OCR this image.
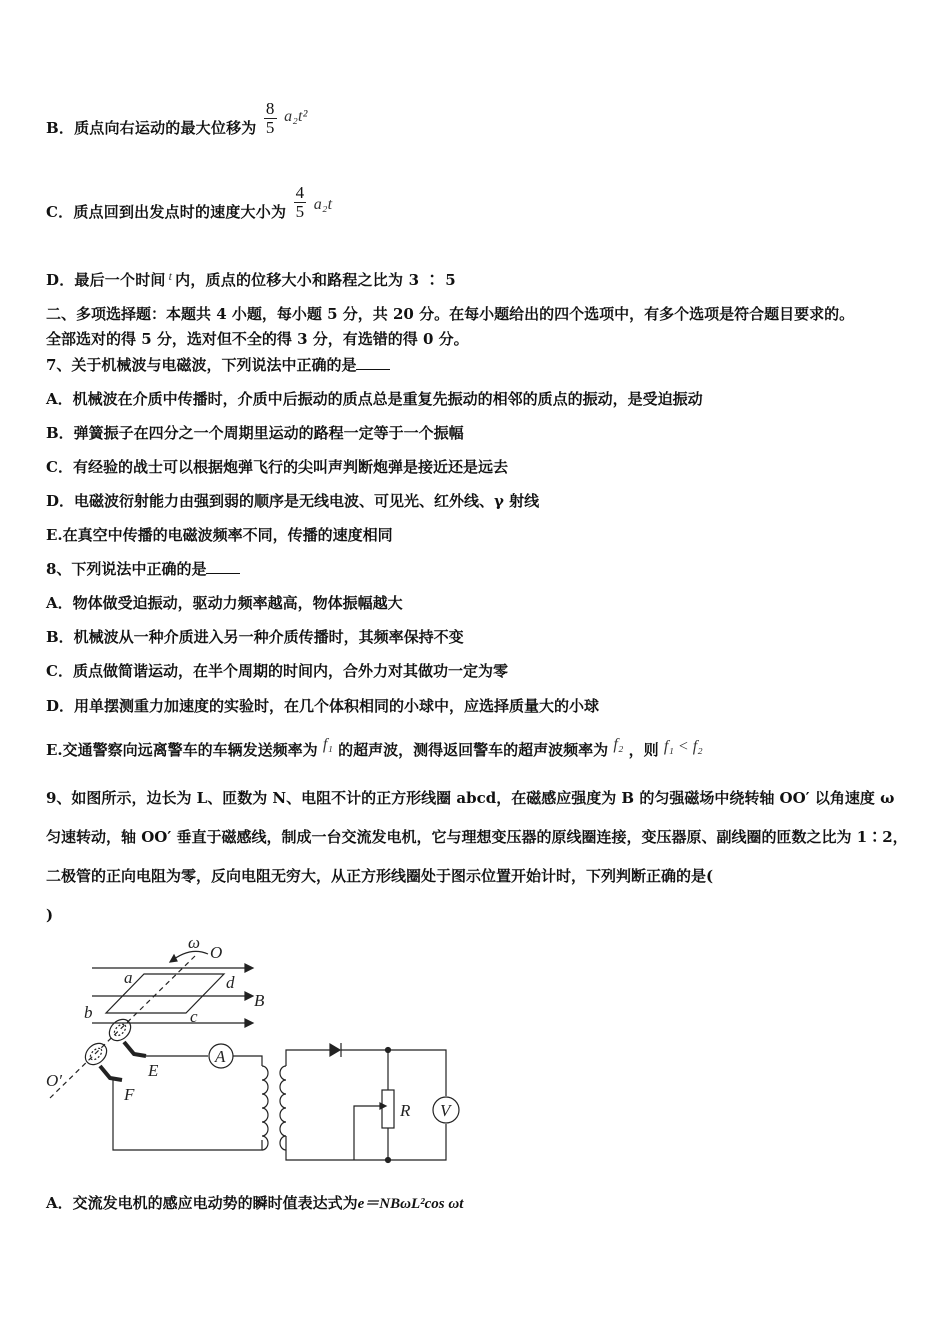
B．质点向右运动的最大位移为 $\frac{8}{5} a_2t^2$
C．质点回到出发点时的速度大小为 $\frac{4}{5} a_2t$
D．最后一个时间 $^t$ 内，质点的位移大小和路程之比为 3 ∶ 5
二、多项选择题：本题共 4 小题，每小题 5 分，共 20 分。在每小题给出的四个选项中，有多个选项是符合题目要求的。
全部选对的得 5 分，选对但不全的得 3 分，有选错的得 0 分。
7、关于机械波与电磁波，下列说法中正确的是
A．机械波在介质中传播时，介质中后振动的质点总是重复先振动的相邻的质点的振动，是受迫振动
B．弹簧振子在四分之一个周期里运动的路程一定等于一个振幅
C．有经验的战士可以根据炮弹飞行的尖叫声判断炮弹是接近还是远去
D．电磁波衍射能力由强到弱的顺序是无线电波、可见光、红外线、γ 射线
E.在真空中传播的电磁波频率不同，传播的速度相同
8、下列说法中正确的是
A．物体做受迫振动，驱动力频率越高，物体振幅越大
B．机械波从一种介质进入另一种介质传播时，其频率保持不变
C．质点做简谐运动，在半个周期的时间内，合外力对其做功一定为零
D．用单摆测重力加速度的实验时，在几个体积相同的小球中，应选择质量大的小球
E.交通警察向远离警车的车辆发送频率为 f₁ 的超声波，测得返回警车的超声波频率为 f₂ ，则 f₁ < f₂
9、如图所示，边长为 L、匝数为 N、电阻不计的正方形线圈 abcd，在磁感应强度为 B 的匀强磁场中绕转轴 OO′ 以角速度 ω 匀速转动，轴 OO′ 垂直于磁感线，制成一台交流发电机，它与理想变压器的原线圈连接，变压器原、副线圈的匝数之比为 1∶2，二极管的正向电阻为零，反向电阻无穷大，从正方形线圈处于图示位置开始计时，下列判断正确的是(
)
ω
O
O′
a
b	c
d
B
E
F
R
A
V
A．交流发电机的感应电动势的瞬时值表达式为e＝NBωL²cos ωt
